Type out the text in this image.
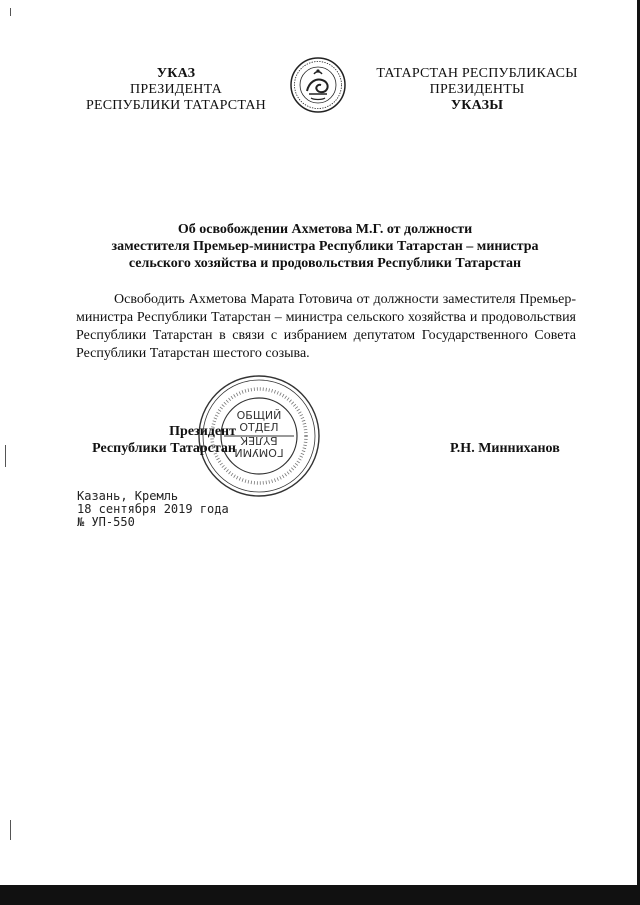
УКАЗ
ПРЕЗИДЕНТА
РЕСПУБЛИКИ ТАТАРСТАН
ТАТАРСТАН РЕСПУБЛИКАСЫ
ПРЕЗИДЕНТЫ
УКАЗЫ
Об освобождении Ахметова М.Г. от должности
заместителя Премьер-министра Республики Татарстан – министра
сельского хозяйства и продовольствия Республики Татарстан

Освободить Ахметова Марата Готовича от должности заместителя Премьер-министра Республики Татарстан – министра сельского хозяйства и продовольствия Республики Татарстан в связи с избранием депутатом Государственного Совета Республики Татарстан шестого созыва.

ОБЩИЙ
ОТДЕЛ
ГОМУМИ
БҮЛЕК
Президент
Республики Татарстан	Р.Н. Минниханов
Казань, Кремль
18 сентября 2019 года
№ УП-550
